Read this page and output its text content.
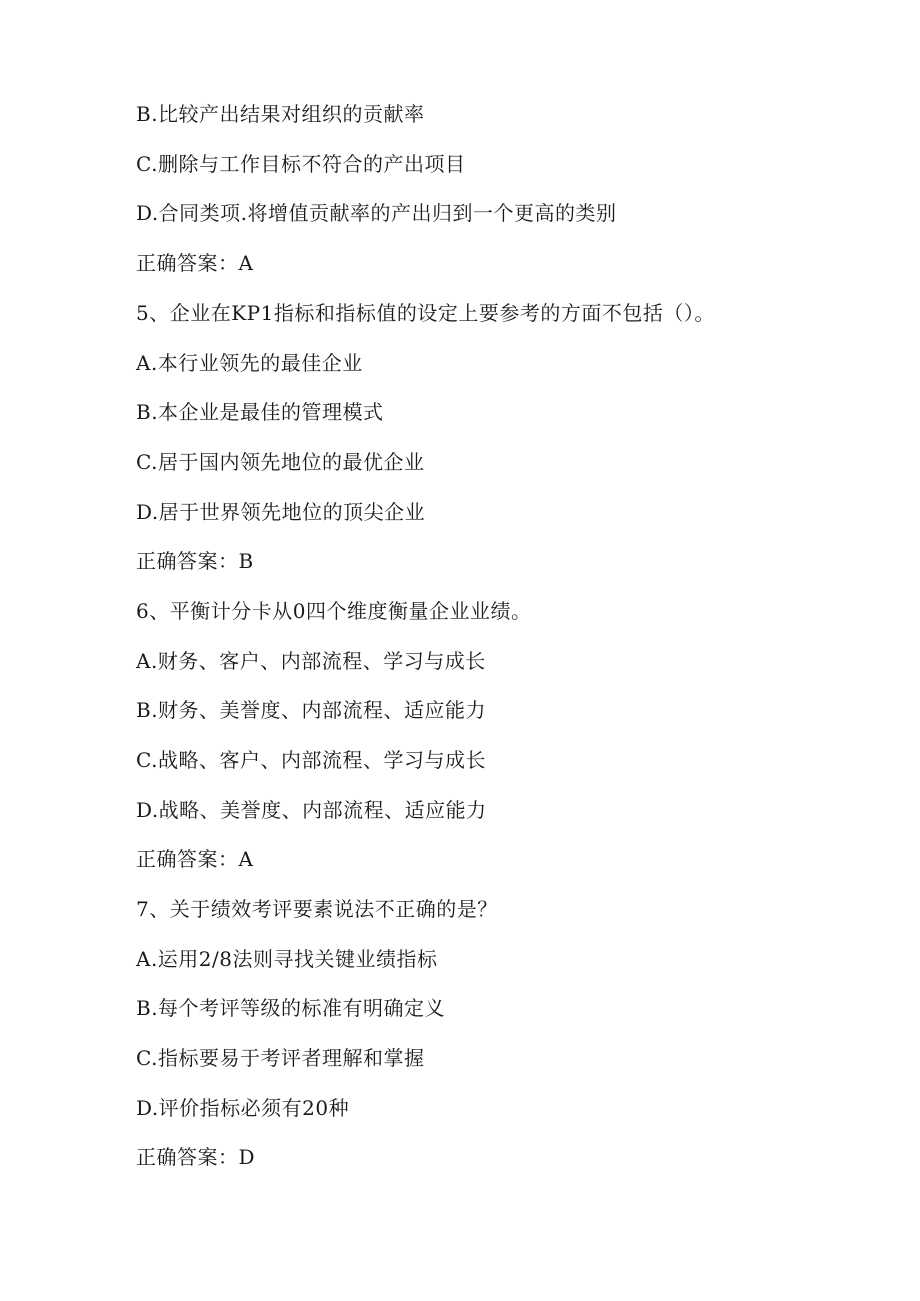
B.比较产出结果对组织的贡献率
C.删除与工作目标不符合的产出项目
D.合同类项.将增值贡献率的产出归到一个更高的类别
正确答案：A
5、企业在KP1指标和指标值的设定上要参考的方面不包括（）。
A.本行业领先的最佳企业
B.本企业是最佳的管理模式
C.居于国内领先地位的最优企业
D.居于世界领先地位的顶尖企业
正确答案：B
6、平衡计分卡从0四个维度衡量企业业绩。
A.财务、客户、内部流程、学习与成长
B.财务、美誉度、内部流程、适应能力
C.战略、客户、内部流程、学习与成长
D.战略、美誉度、内部流程、适应能力
正确答案：A
7、关于绩效考评要素说法不正确的是？
A.运用2/8法则寻找关键业绩指标
B.每个考评等级的标准有明确定义
C.指标要易于考评者理解和掌握
D.评价指标必须有20种
正确答案：D
